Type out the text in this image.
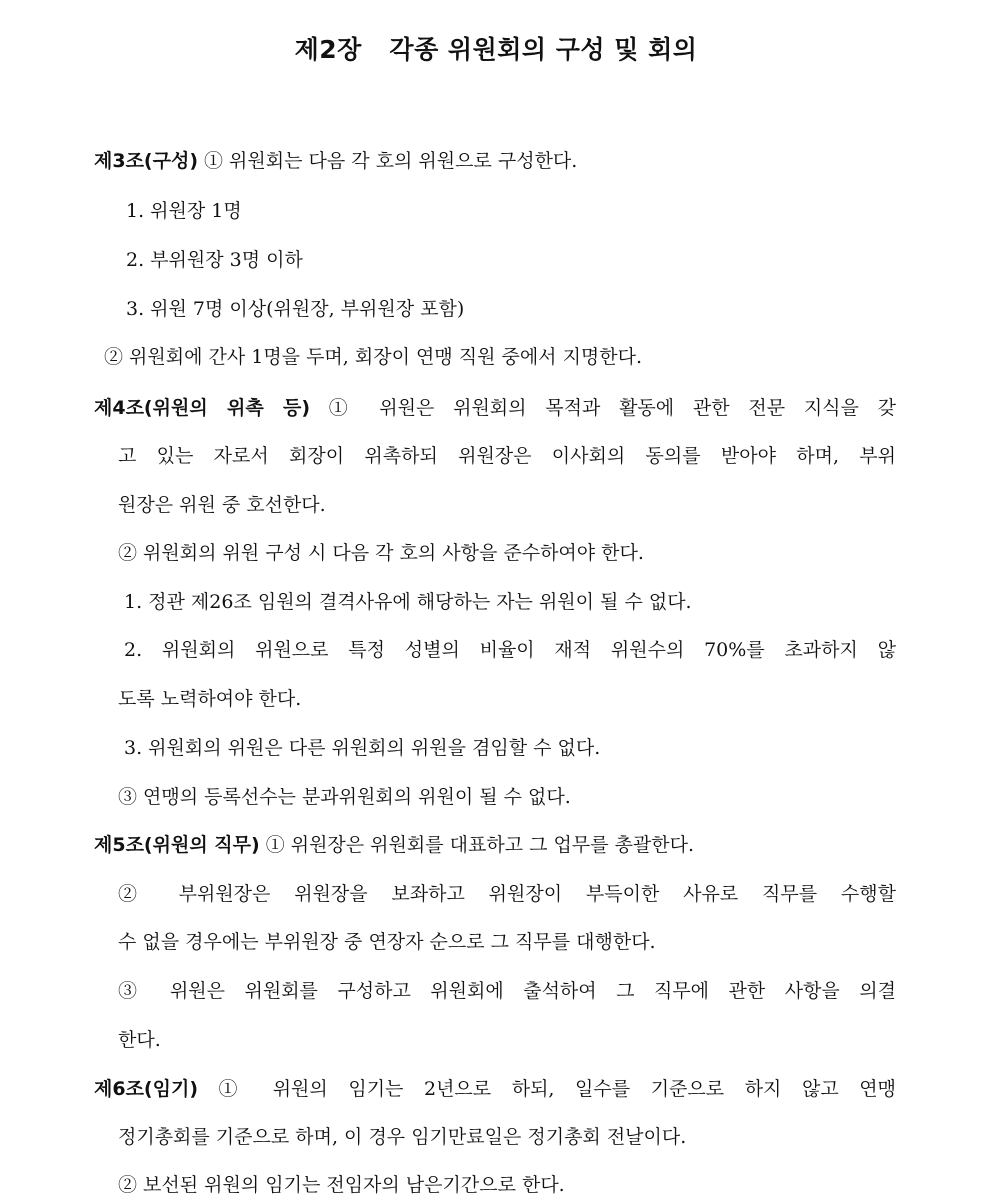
제2장   각종 위원회의 구성 및 회의
제3조(구성) ① 위원회는 다음 각 호의 위원으로 구성한다.
1. 위원장 1명
2. 부위원장 3명 이하
3. 위원 7명 이상(위원장, 부위원장 포함)
② 위원회에 간사 1명을 두며, 회장이 연맹 직원 중에서 지명한다.
제4조(위원의 위촉 등) ① 위원은 위원회의 목적과 활동에 관한 전문 지식을 갖
고 있는 자로서 회장이 위촉하되 위원장은 이사회의 동의를 받아야 하며, 부위
원장은 위원 중 호선한다.
② 위원회의 위원 구성 시 다음 각 호의 사항을 준수하여야 한다.
1. 정관 제26조 임원의 결격사유에 해당하는 자는 위원이 될 수 없다.
2. 위원회의 위원으로 특정 성별의 비율이 재적 위원수의 70%를 초과하지 않
도록 노력하여야 한다.
3. 위원회의 위원은 다른 위원회의 위원을 겸임할 수 없다.
③ 연맹의 등록선수는 분과위원회의 위원이 될 수 없다.
제5조(위원의 직무) ① 위원장은 위원회를 대표하고 그 업무를 총괄한다.
② 부위원장은 위원장을 보좌하고 위원장이 부득이한 사유로 직무를 수행할
수 없을 경우에는 부위원장 중 연장자 순으로 그 직무를 대행한다.
③ 위원은 위원회를 구성하고 위원회에 출석하여 그 직무에 관한 사항을 의결
한다.
제6조(임기) ① 위원의 임기는 2년으로 하되, 일수를 기준으로 하지 않고 연맹
정기총회를 기준으로 하며, 이 경우 임기만료일은 정기총회 전날이다.
② 보선된 위원의 임기는 전임자의 남은기간으로 한다.
